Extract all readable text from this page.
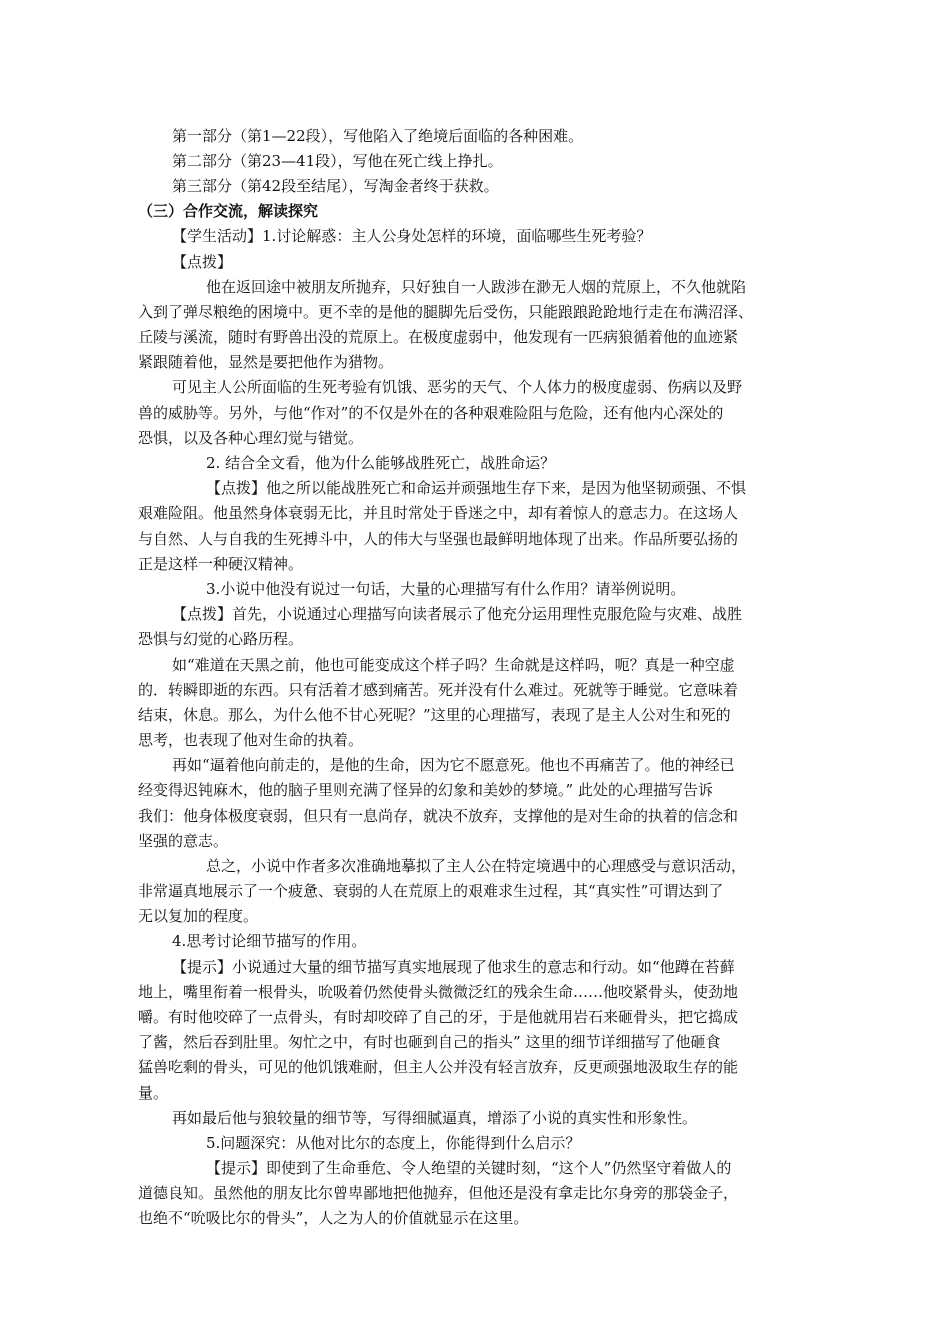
第一部分（第1—22段），写他陷入了绝境后面临的各种困难。
第二部分（第23—41段），写他在死亡线上挣扎。
第三部分（第42段至结尾），写淘金者终于获救。
（三）合作交流，解读探究
【学生活动】1.讨论解惑：主人公身处怎样的环境，面临哪些生死考验？
【点拨】
他在返回途中被朋友所抛弃，只好独自一人跋涉在渺无人烟的荒原上，不久他就陷
入到了弹尽粮绝的困境中。更不幸的是他的腿脚先后受伤，只能踉踉跄跄地行走在布满沼泽、
丘陵与溪流，随时有野兽出没的荒原上。在极度虚弱中，他发现有一匹病狼循着他的血迹紧
紧跟随着他，显然是要把他作为猎物。
可见主人公所面临的生死考验有饥饿、恶劣的天气、个人体力的极度虚弱、伤病以及野
兽的威胁等。另外，与他“作对”的不仅是外在的各种艰难险阻与危险，还有他内心深处的
恐惧，以及各种心理幻觉与错觉。
2. 结合全文看，他为什么能够战胜死亡，战胜命运？
【点拨】他之所以能战胜死亡和命运并顽强地生存下来，是因为他坚韧顽强、不惧
艰难险阻。他虽然身体衰弱无比，并且时常处于昏迷之中，却有着惊人的意志力。在这场人
与自然、人与自我的生死搏斗中，人的伟大与坚强也最鲜明地体现了出来。作品所要弘扬的
正是这样一种硬汉精神。
3.小说中他没有说过一句话，大量的心理描写有什么作用？请举例说明。
【点拨】首先，小说通过心理描写向读者展示了他充分运用理性克服危险与灾难、战胜
恐惧与幻觉的心路历程。
如“难道在天黑之前，他也可能变成这个样子吗？生命就是这样吗，呃？真是一种空虚
的．转瞬即逝的东西。只有活着才感到痛苦。死并没有什么难过。死就等于睡觉。它意味着
结束，休息。那么，为什么他不甘心死呢？”这里的心理描写，表现了是主人公对生和死的
思考，也表现了他对生命的执着。
再如“逼着他向前走的，是他的生命，因为它不愿意死。他也不再痛苦了。他的神经已
经变得迟钝麻木，他的脑子里则充满了怪异的幻象和美妙的梦境。” 此处的心理描写告诉
我们：他身体极度衰弱，但只有一息尚存，就决不放弃，支撑他的是对生命的执着的信念和
坚强的意志。
总之，小说中作者多次准确地摹拟了主人公在特定境遇中的心理感受与意识活动，
非常逼真地展示了一个疲惫、衰弱的人在荒原上的艰难求生过程，其“真实性”可谓达到了
无以复加的程度。
4.思考讨论细节描写的作用。
【提示】小说通过大量的细节描写真实地展现了他求生的意志和行动。如“他蹲在苔藓
地上，嘴里衔着一根骨头，吮吸着仍然使骨头微微泛红的残余生命……他咬紧骨头，使劲地
嚼。有时他咬碎了一点骨头，有时却咬碎了自己的牙，于是他就用岩石来砸骨头，把它捣成
了酱，然后吞到肚里。匆忙之中，有时也砸到自己的指头” 这里的细节详细描写了他砸食
猛兽吃剩的骨头，可见的他饥饿难耐，但主人公并没有轻言放弃，反更顽强地汲取生存的能
量。
再如最后他与狼较量的细节等，写得细腻逼真，增添了小说的真实性和形象性。
5.问题深究：从他对比尔的态度上，你能得到什么启示？
【提示】即使到了生命垂危、令人绝望的关键时刻，“这个人”仍然坚守着做人的
道德良知。虽然他的朋友比尔曾卑鄙地把他抛弃，但他还是没有拿走比尔身旁的那袋金子，
也绝不“吮吸比尔的骨头”，人之为人的价值就显示在这里。
